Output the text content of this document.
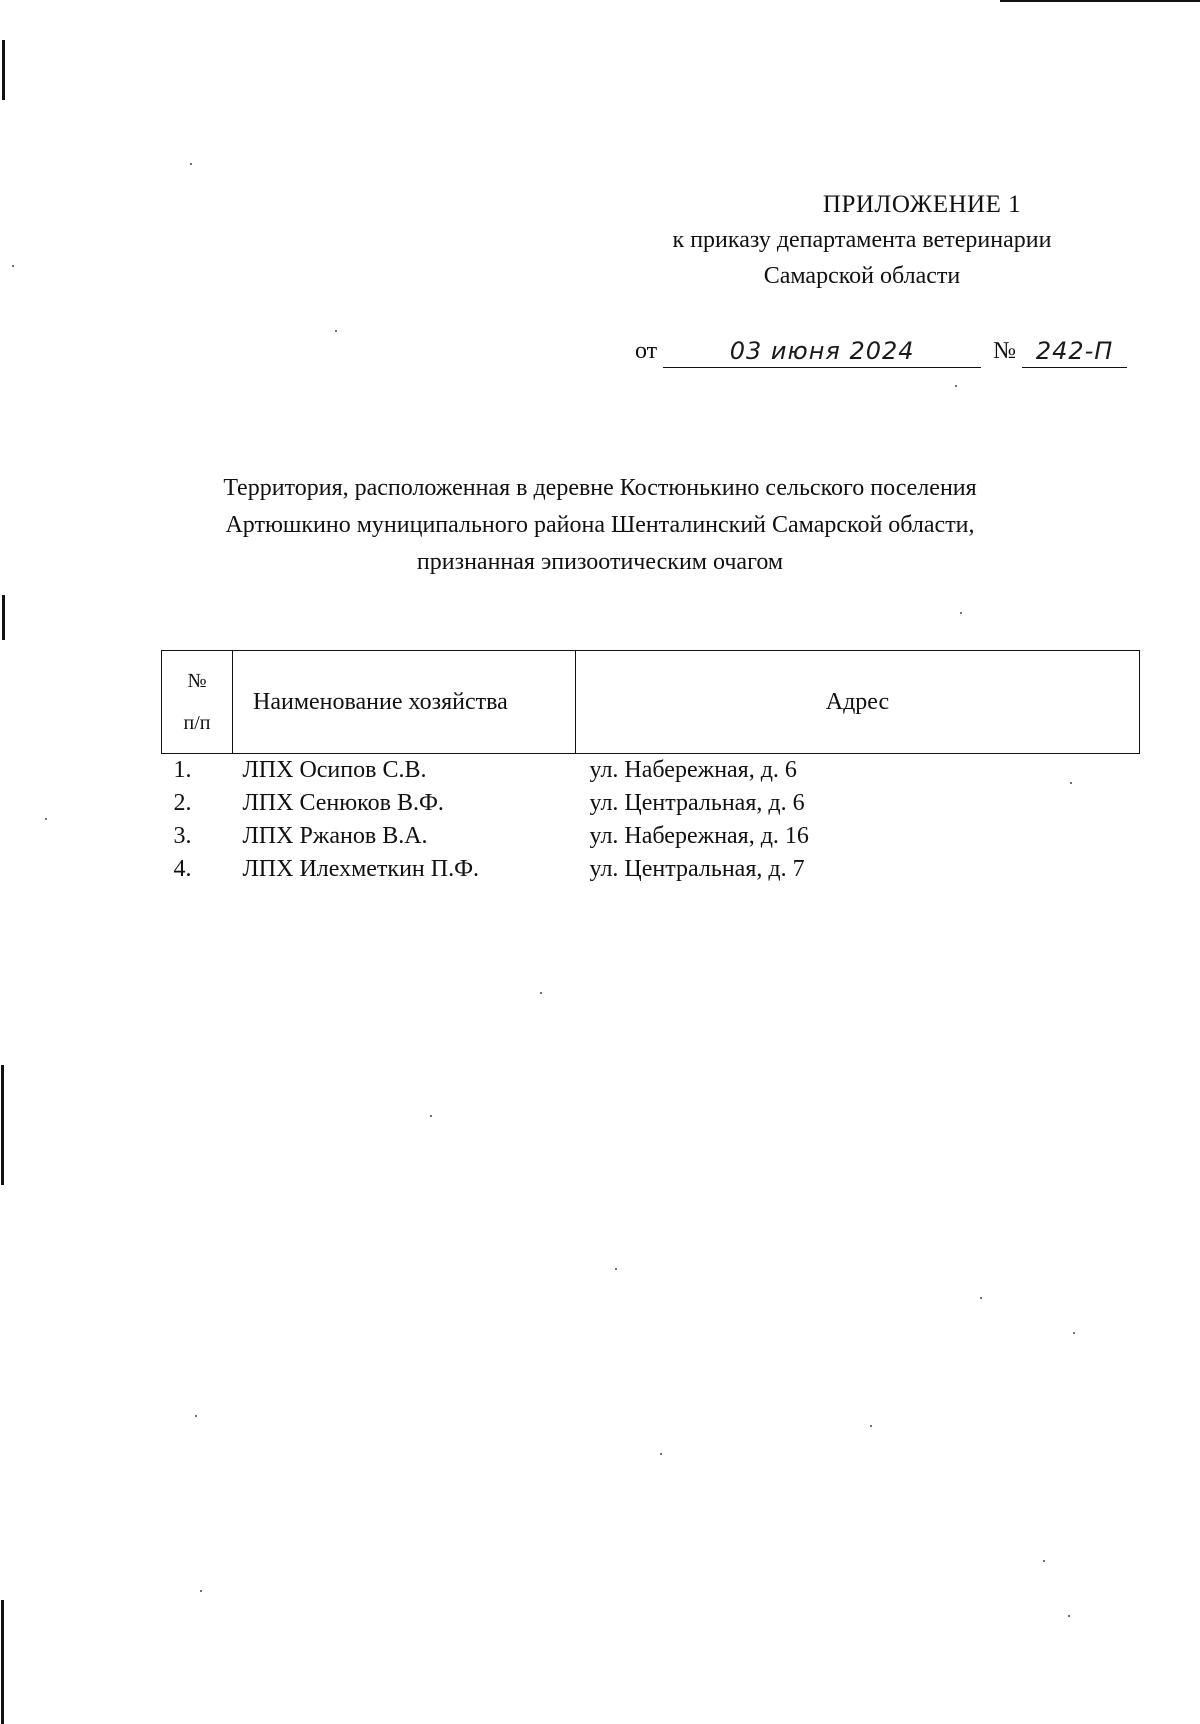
ПРИЛОЖЕНИЕ 1
к приказу департамента ветеринарии
Самарской области
от	03 июня 2024	№ 242-П
Территория, расположенная в деревне Костюнькино сельского поселения
Артюшкино муниципального района Шенталинский Самарской области,
признанная эпизоотическим очагом
№
п/п	Наименование хозяйства	Адрес
1.	ЛПХ Осипов С.В.	ул. Набережная, д. 6
2.	ЛПХ Сенюков В.Ф.	ул. Центральная, д. 6
3.	ЛПХ Ржанов В.А.	ул. Набережная, д. 16
4.	ЛПХ Илехметкин П.Ф.	ул. Центральная, д. 7
